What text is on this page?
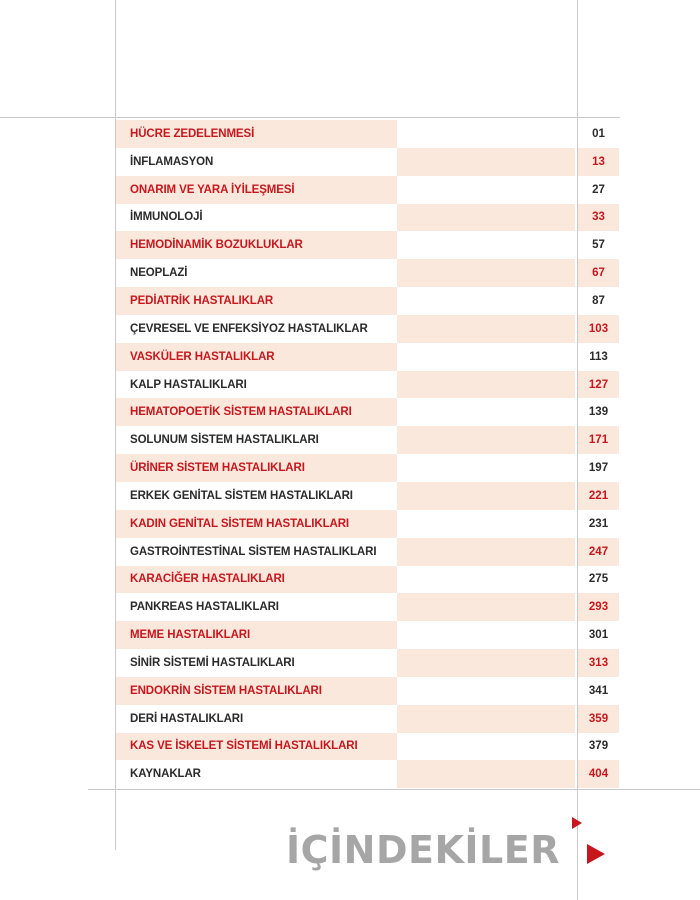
HÜCRE ZEDELENMESİ	01
İNFLAMASYON	13
ONARIM VE YARA İYİLEŞMESİ	27
İMMUNOLOJİ	33
HEMODİNAMİK BOZUKLUKLAR	57
NEOPLAZİ	67
PEDİATRİK HASTALIKLAR	87
ÇEVRESEL VE ENFEKSİYOZ HASTALIKLAR	103
VASKÜLER HASTALIKLAR	113
KALP HASTALIKLARI	127
HEMATOPOETİK SİSTEM HASTALIKLARI	139
SOLUNUM SİSTEM HASTALIKLARI	171
ÜRİNER SİSTEM HASTALIKLARI	197
ERKEK GENİTAL SİSTEM HASTALIKLARI	221
KADIN GENİTAL SİSTEM HASTALIKLARI	231
GASTROİNTESTİNAL SİSTEM HASTALIKLARI	247
KARACİĞER HASTALIKLARI	275
PANKREAS HASTALIKLARI	293
MEME HASTALIKLARI	301
SİNİR SİSTEMİ HASTALIKLARI	313
ENDOKRİN SİSTEM HASTALIKLARI	341
DERİ HASTALIKLARI	359
KAS VE İSKELET SİSTEMİ HASTALIKLARI	379
KAYNAKLAR	404
İÇİNDEKİLER
